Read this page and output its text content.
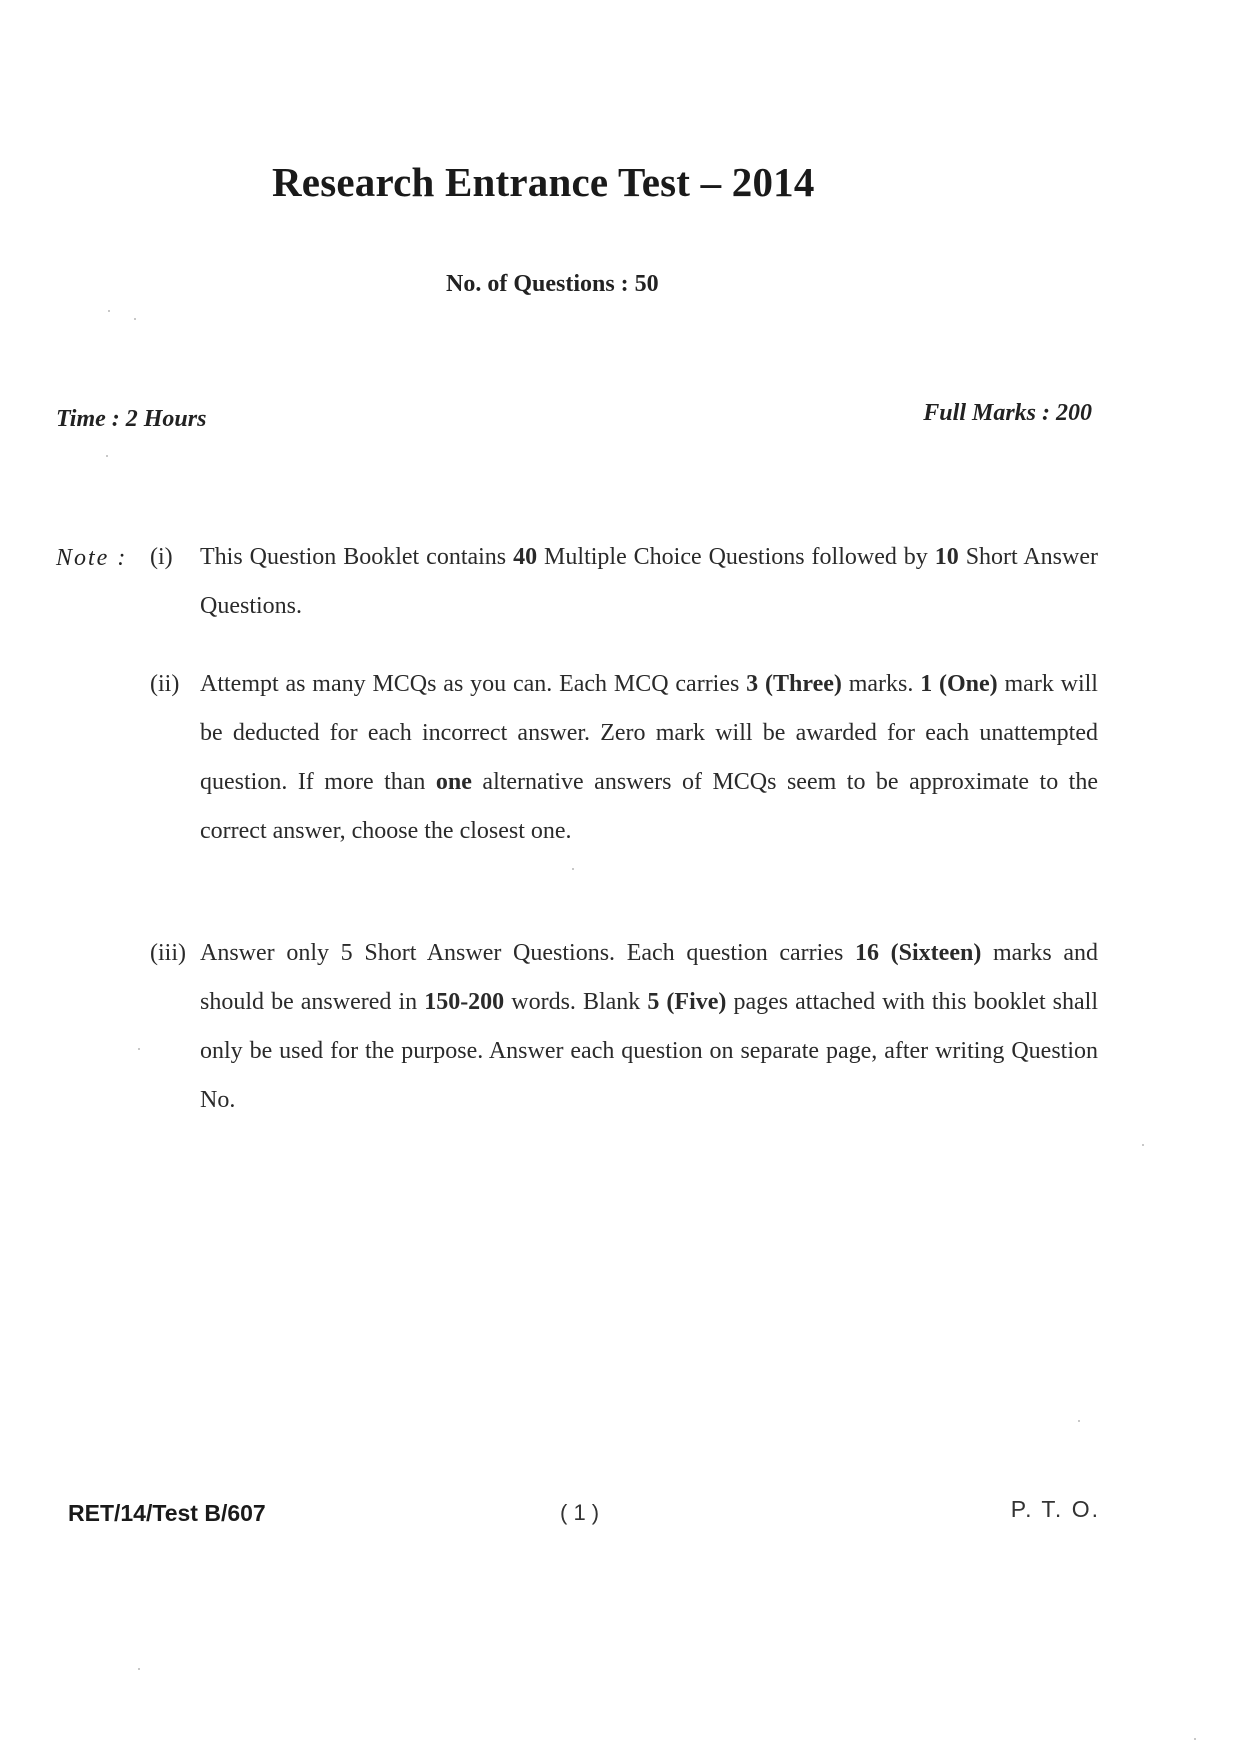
Research Entrance Test – 2014
No. of Questions : 50
Time : 2 Hours	Full Marks : 200
Note : (i)	This Question Booklet contains 40 Multiple Choice Questions followed by 10 Short Answer Questions.
(ii) Attempt as many MCQs as you can. Each MCQ carries 3 (Three) marks. 1 (One) mark will be deducted for each incorrect answer. Zero mark will be awarded for each unattempted question. If more than one alternative answers of MCQs seem to be approximate to the correct answer, choose the closest one.
(iii) Answer only 5 Short Answer Questions. Each question carries 16 (Sixteen) marks and should be answered in 150-200 words. Blank 5 (Five) pages attached with this booklet shall only be used for the purpose. Answer each question on separate page, after writing Question No.
RET/14/Test B/607	( 1 )	P. T. O.
